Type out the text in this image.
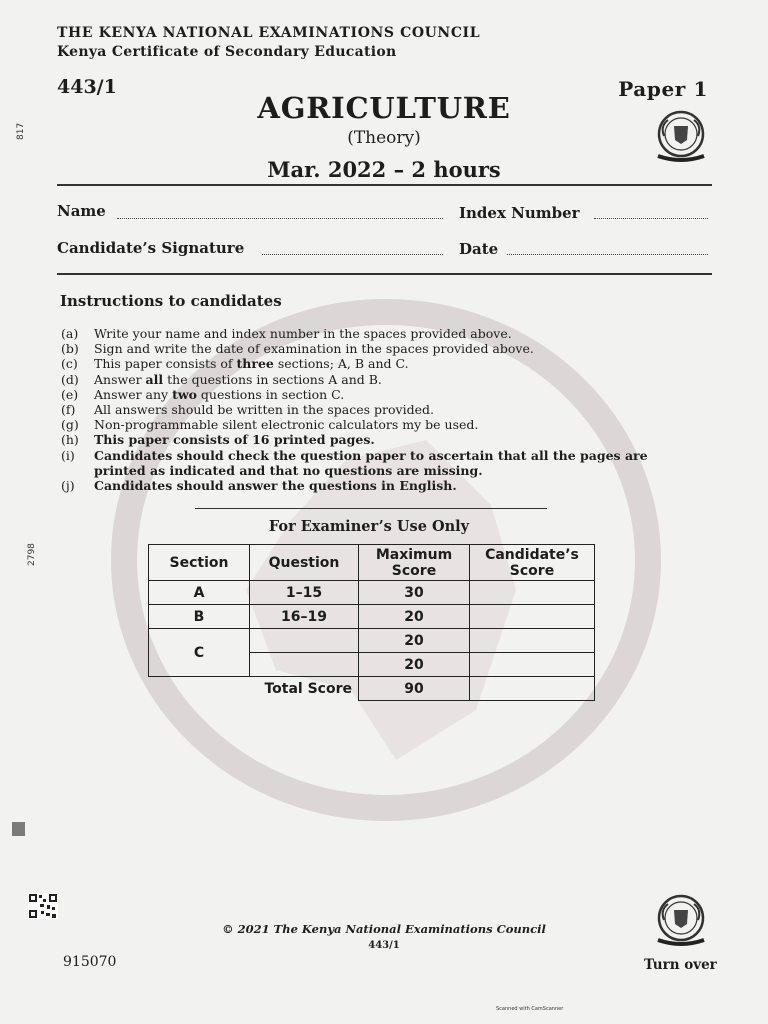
817
2798
THE KENYA NATIONAL EXAMINATIONS COUNCIL
Kenya Certificate of Secondary Education
443/1	Paper 1
AGRICULTURE
(Theory)
Mar. 2022 – 2 hours
Name	Index Number
Candidate’s Signature	Date
Instructions to candidates
(a)	Write your name and index number in the spaces provided above.
(b)	Sign and write the date of examination in the spaces provided above.
(c)	This paper consists of three sections; A, B and C.
(d)	Answer all the questions in sections A and B.
(e)	Answer any two questions in section C.
(f)	All answers should be written in the spaces provided.
(g)	Non-programmable silent electronic calculators my be used.
(h)	This paper consists of 16 printed pages.
(i)	Candidates should check the question paper to ascertain that all the pages are printed as indicated and that no questions are missing.
(j)	Candidates should answer the questions in English.
For Examiner’s Use Only
Section	Question	Maximum Score	Candidate’s Score
A	1–15	30	
B	16–19	20	
C		20	
		20	
	Total Score	90	
© 2021 The Kenya National Examinations Council
443/1
915070	Turn over
Scanned with CamScanner
